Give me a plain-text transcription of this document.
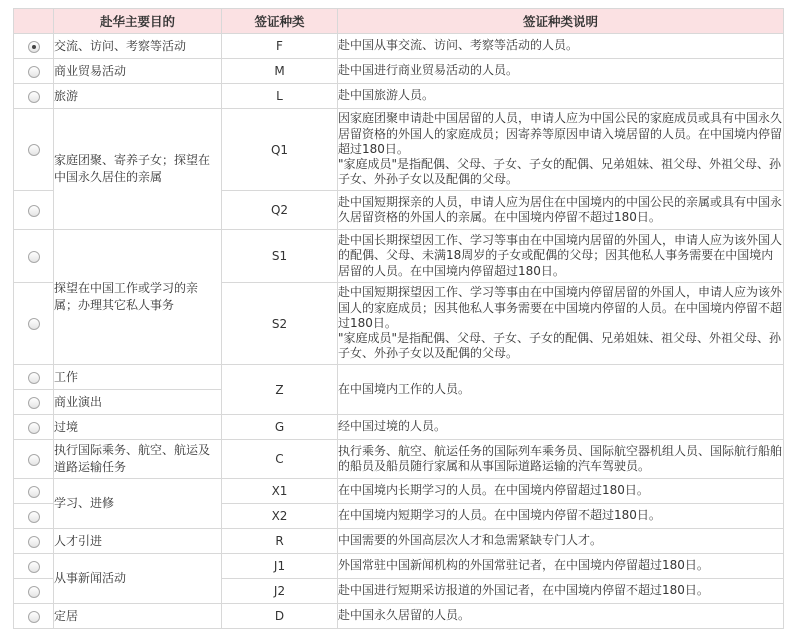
	赴华主要目的	签证种类	签证种类说明
	交流、访问、考察等活动	F	赴中国从事交流、访问、考察等活动的人员。
	商业贸易活动	M	赴中国进行商业贸易活动的人员。
	旅游	L	赴中国旅游人员。
	家庭团聚、寄养子女；探望在中国永久居住的亲属	Q1	因家庭团聚申请赴中国居留的人员，申请人应为中国公民的家庭成员或具有中国永久居留资格的外国人的家庭成员；因寄养等原因申请入境居留的人员。在中国境内停留超过180日。
"家庭成员"是指配偶、父母、子女、子女的配偶、兄弟姐妹、祖父母、外祖父母、孙子女、外孙子女以及配偶的父母。
		Q2	赴中国短期探亲的人员，申请人应为居住在中国境内的中国公民的亲属或具有中国永久居留资格的外国人的亲属。在中国境内停留不超过180日。
	探望在中国工作或学习的亲属；办理其它私人事务	S1	赴中国长期探望因工作、学习等事由在中国境内居留的外国人，申请人应为该外国人的配偶、父母、未满18周岁的子女或配偶的父母；因其他私人事务需要在中国境内居留的人员。在中国境内停留超过180日。
		S2	赴中国短期探望因工作、学习等事由在中国境内停留居留的外国人，申请人应为该外国人的家庭成员；因其他私人事务需要在中国境内停留的人员。在中国境内停留不超过180日。
"家庭成员"是指配偶、父母、子女、子女的配偶、兄弟姐妹、祖父母、外祖父母、孙子女、外孙子女以及配偶的父母。
	工作	Z	在中国境内工作的人员。
	商业演出		
	过境	G	经中国过境的人员。
	执行国际乘务、航空、航运及道路运输任务	C	执行乘务、航空、航运任务的国际列车乘务员、国际航空器机组人员、国际航行船舶的船员及船员随行家属和从事国际道路运输的汽车驾驶员。
	学习、进修	X1	在中国境内长期学习的人员。在中国境内停留超过180日。
		X2	在中国境内短期学习的人员。在中国境内停留不超过180日。
	人才引进	R	中国需要的外国高层次人才和急需紧缺专门人才。
	从事新闻活动	J1	外国常驻中国新闻机构的外国常驻记者，在中国境内停留超过180日。
		J2	赴中国进行短期采访报道的外国记者，在中国境内停留不超过180日。
	定居	D	赴中国永久居留的人员。
